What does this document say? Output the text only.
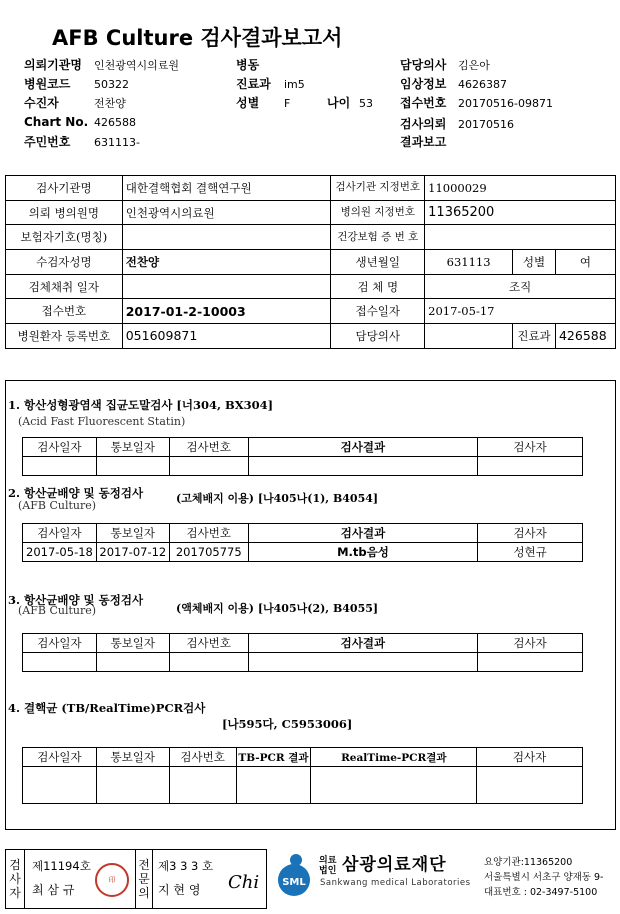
AFB Culture 검사결과보고서
의뢰기관명 인천광역시의료원
병원코드 50322
수진자	전찬양
Chart No. 426588
주민번호 631113-
병동
진료과 im5
성별 F	나이 53
담당의사 김은아
임상정보 4626387
접수번호 20170516-09871
검사의뢰 20170516
결과보고
검사기관명	대한결핵협회 결핵연구원	검사기관 지정번호	11000029		
의뢰 병의원명	인천광역시의료원	병의원 지정번호	11365200		
보험자기호(명칭)		건강보험 증 번 호			
수검자성명	전찬양	생년월일	631113	성별	여
검체채취 일자		검 체 명	조직		
접수번호	2017-01-2-10003	접수일자	2017-05-17		
병원환자 등록번호	051609871	담당의사		진료과	426588
1. 항산성형광염색 집균도말검사 [너304, BX304]
(Acid Fast Fluorescent Statin)
검사일자	통보일자	검사번호	검사결과	검사자

2. 항산균배양 및 동정검사	(고체배지 이용) [나405나(1), B4054]
(AFB Culture)
검사일자	통보일자	검사번호	검사결과	검사자
2017-05-18	2017-07-12	201705775	M.tb음성	성현규
3. 항산균배양 및 동정검사
(액체배지 이용) [나405나(2), B4055]
(AFB Culture)
검사일자	통보일자	검사번호	검사결과	검사자

4. 결핵균 (TB/RealTime)PCR검사
[나595다, C5953006]
검사일자	통보일자	검사번호	TB-PCR 결과	RealTime-PCR결과	검사자

검사자
제11194호
최 삼 규
印
전문의
제3 3 3 호
지 현 영 Chi SML
의료법인 삼광의료재단
Sankwang medical Laboratories
요양기관:11365200
서울특별시 서초구 양재동 9-
대표번호 : 02-3497-5100
